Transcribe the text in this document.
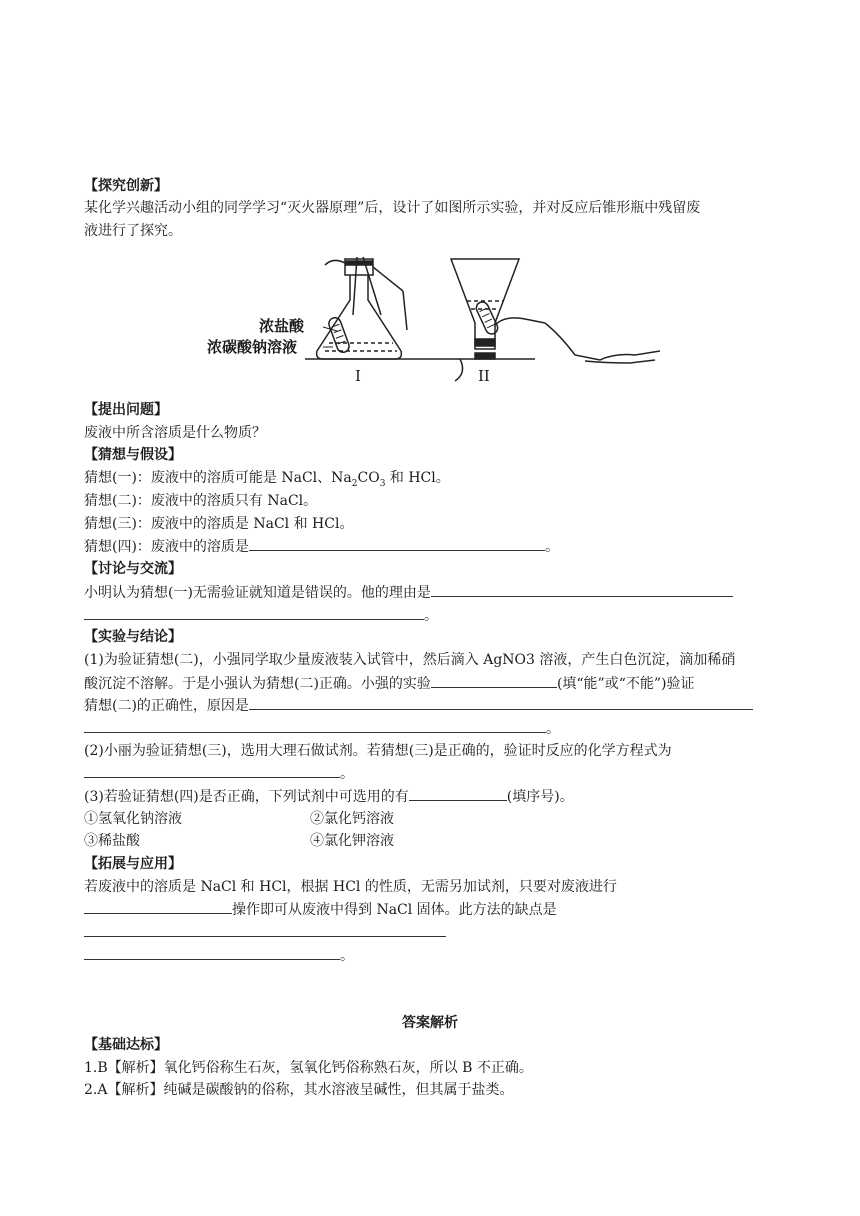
【探究创新】
某化学兴趣活动小组的同学学习“灭火器原理”后，设计了如图所示实验，并对反应后锥形瓶中残留废
液进行了探究。
浓盐酸
浓碳酸钠溶液
I	II
【提出问题】
废液中所含溶质是什么物质？
【猜想与假设】
猜想(一)：废液中的溶质可能是 NaCl、$Na_2CO_3$ 和 HCl。
猜想(二)：废液中的溶质只有 NaCl。
猜想(三)：废液中的溶质是 NaCl 和 HCl。
猜想(四)：废液中的溶质是	。
【讨论与交流】
小明认为猜想(一)无需验证就知道是错误的。他的理由是
。
【实验与结论】
(1)为验证猜想(二)，小强同学取少量废液装入试管中，然后滴入 AgNO3 溶液，产生白色沉淀，滴加稀硝
酸沉淀不溶解。于是小强认为猜想(二)正确。小强的实验	(填“能”或“不能”)验证
猜想(二)的正确性，原因是
。
(2)小丽为验证猜想(三)，选用大理石做试剂。若猜想(三)是正确的，验证时反应的化学方程式为
。
(3)若验证猜想(四)是否正确，下列试剂中可选用的有	(填序号)。
①氢氧化钠溶液	②氯化钙溶液
③稀盐酸	④氯化钾溶液
【拓展与应用】
若废液中的溶质是 NaCl 和 HCl，根据 HCl 的性质，无需另加试剂，只要对废液进行
操作即可从废液中得到 NaCl 固体。此方法的缺点是
。
答案解析
【基础达标】
1.B【解析】氧化钙俗称生石灰，氢氧化钙俗称熟石灰，所以 B 不正确。
2.A【解析】纯碱是碳酸钠的俗称，其水溶液呈碱性，但其属于盐类。
